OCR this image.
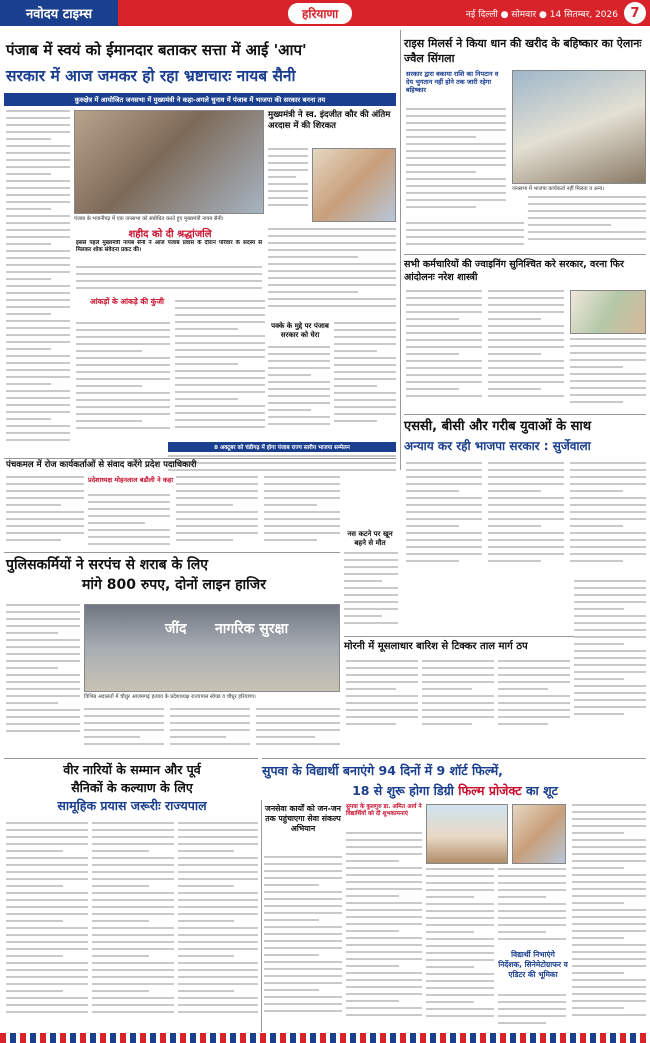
नवोदय टाइम्स	हरियाणा	नई दिल्ली ● सोमवार ● 14 सितम्बर, 2026 7
पंजाब में स्वयं को ईमानदार बताकर सत्ता में आई 'आप'
सरकार में आज जमकर हो रहा भ्रष्टाचारः नायब सैनी
कुरुक्षेत्र में आयोजित जनसभा में मुख्यमंत्री ने कहा-अगले चुनाव में पंजाब में भाजपा की सरकार बनना तय
पंजाब के भवानीगढ़ में एक जनसभा को संबोधित करते हुए मुख्यमंत्री नायब सैनी।
शहीद को दी श्रद्धांजलि
इससे पहले मुख्यमंत्री नायब सैनी ने आज पंजाब प्रवास के दौरान परिवार के सदस्य से मिलकर शोक संवेदना प्रकट की।
आंकड़ों के आंकड़े की कुंजी
मुख्यमंत्री ने स्व. इंदजीत कौर की अंतिम अरदास में की शिरकत
पक्के के मुद्दे पर पंजाब सरकार को घेरा
8 अक्टूबर को चंडीगढ़ में होगा पंजाब राज्य स्तरीय भाजपा सम्मेलन
राइस मिलर्स ने किया धान की खरीद के बहिष्कार का ऐलानः ज्वैल सिंगला
सरकार द्वारा बकाया राशि का निपटान व देय भुगतान नहीं होने तक जारी रहेगा बहिष्कार
जनसभा में भाजपा कार्यकर्ता नहीं मिलता व अन्य।
सभी कर्मचारियों की ज्वाइनिंग सुनिश्चित करे सरकार, वरना फिर आंदोलनः नरेश शास्त्री
एससी, बीसी और गरीब युवाओं के साथ
अन्याय कर रही भाजपा सरकार : सुर्जेवाला
पंचकमल में रोज कार्यकर्ताओं से संवाद करेंगे प्रदेश पदाधिकारी
प्रदेशाध्यक्ष मोहनलाल बडौली ने कहा
नस कटने पर खून बहने से मौत
पुलिसकर्मियों ने सरपंच से शराब के लिए
मांगे 800 रुपए, दोनों लाइन हाजिर
जींद नागरिक सुरक्षा
विभिन्न अदालतों में चौधुर आजमगढ़ हत्याव के प्रदेशाध्यक्ष राज्यपाल स्वेच्छ व चौधुर हरियाणा।
मोरनी में मूसलाधार बारिश से टिक्कर ताल मार्ग ठप
सुपवा के विद्यार्थी बनाएंगे 94 दिनों में 9 शॉर्ट फिल्में,
18 से शुरू होगा डिग्री फिल्म प्रोजेक्ट का शूट
सुपवा के कुलगुरु डा. अमित आर्य ने विद्यार्थियों को दी शुभकामनाएं
विद्यार्थी निभाएंगे निर्देशक, सिनेमेटोग्राफर व एडिटर की भूमिका
वीर नारियों के सम्मान और पूर्व
सैनिकों के कल्याण के लिए
सामूहिक प्रयास जरूरीः राज्यपाल	जनसेवा कार्यों को जन-जन तक पहुंचाएगा सेवा संकल्प अभियान
